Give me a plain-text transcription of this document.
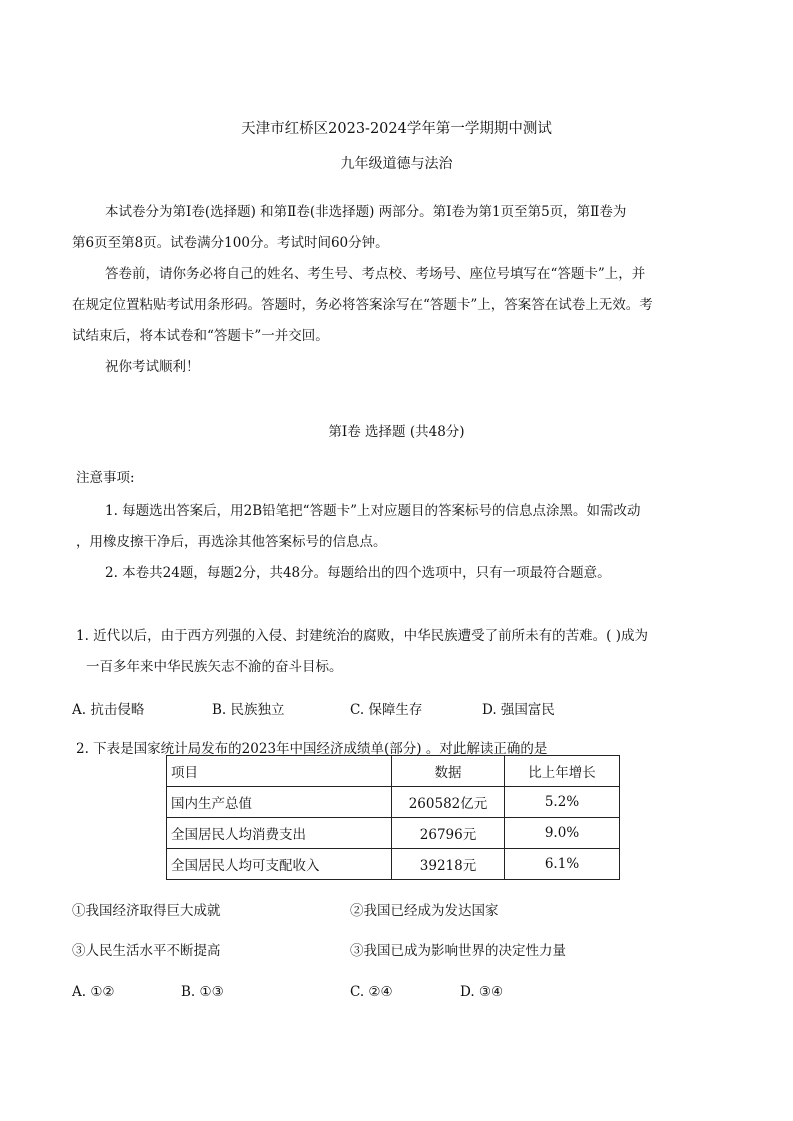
天津市红桥区2023-2024学年第一学期期中测试
九年级道德与法治
本试卷分为第Ⅰ卷(选择题) 和第Ⅱ卷(非选择题) 两部分。第Ⅰ卷为第1页至第5页，第Ⅱ卷为
第6页至第8页。试卷满分100分。考试时间60分钟。
答卷前，请你务必将自己的姓名、考生号、考点校、考场号、座位号填写在“答题卡”上，并
在规定位置粘贴考试用条形码。答题时，务必将答案涂写在“答题卡”上，答案答在试卷上无效。考
试结束后，将本试卷和“答题卡”一并交回。
祝你考试顺利！
第Ⅰ卷 选择题 (共48分)
注意事项:
1. 每题选出答案后，用2B铅笔把“答题卡”上对应题目的答案标号的信息点涂黑。如需改动
，用橡皮擦干净后，再选涂其他答案标号的信息点。
2. 本卷共24题，每题2分，共48分。每题给出的四个选项中，只有一项最符合题意。
1. 近代以后，由于西方列强的入侵、封建统治的腐败，中华民族遭受了前所未有的苦难。( )成为
一百多年来中华民族矢志不渝的奋斗目标。
A. 抗击侵略	B. 民族独立	C. 保障生存	D. 强国富民
2. 下表是国家统计局发布的2023年中国经济成绩单(部分) 。对此解读正确的是
项目	数据	比上年增长
国内生产总值	260582亿元	5.2%
全国居民人均消费支出	26796元	9.0%
全国居民人均可支配收入	39218元	6.1%
①我国经济取得巨大成就	②我国已经成为发达国家
③人民生活水平不断提高	③我国已成为影响世界的决定性力量
A. ①②	B. ①③	C. ②④	D. ③④
